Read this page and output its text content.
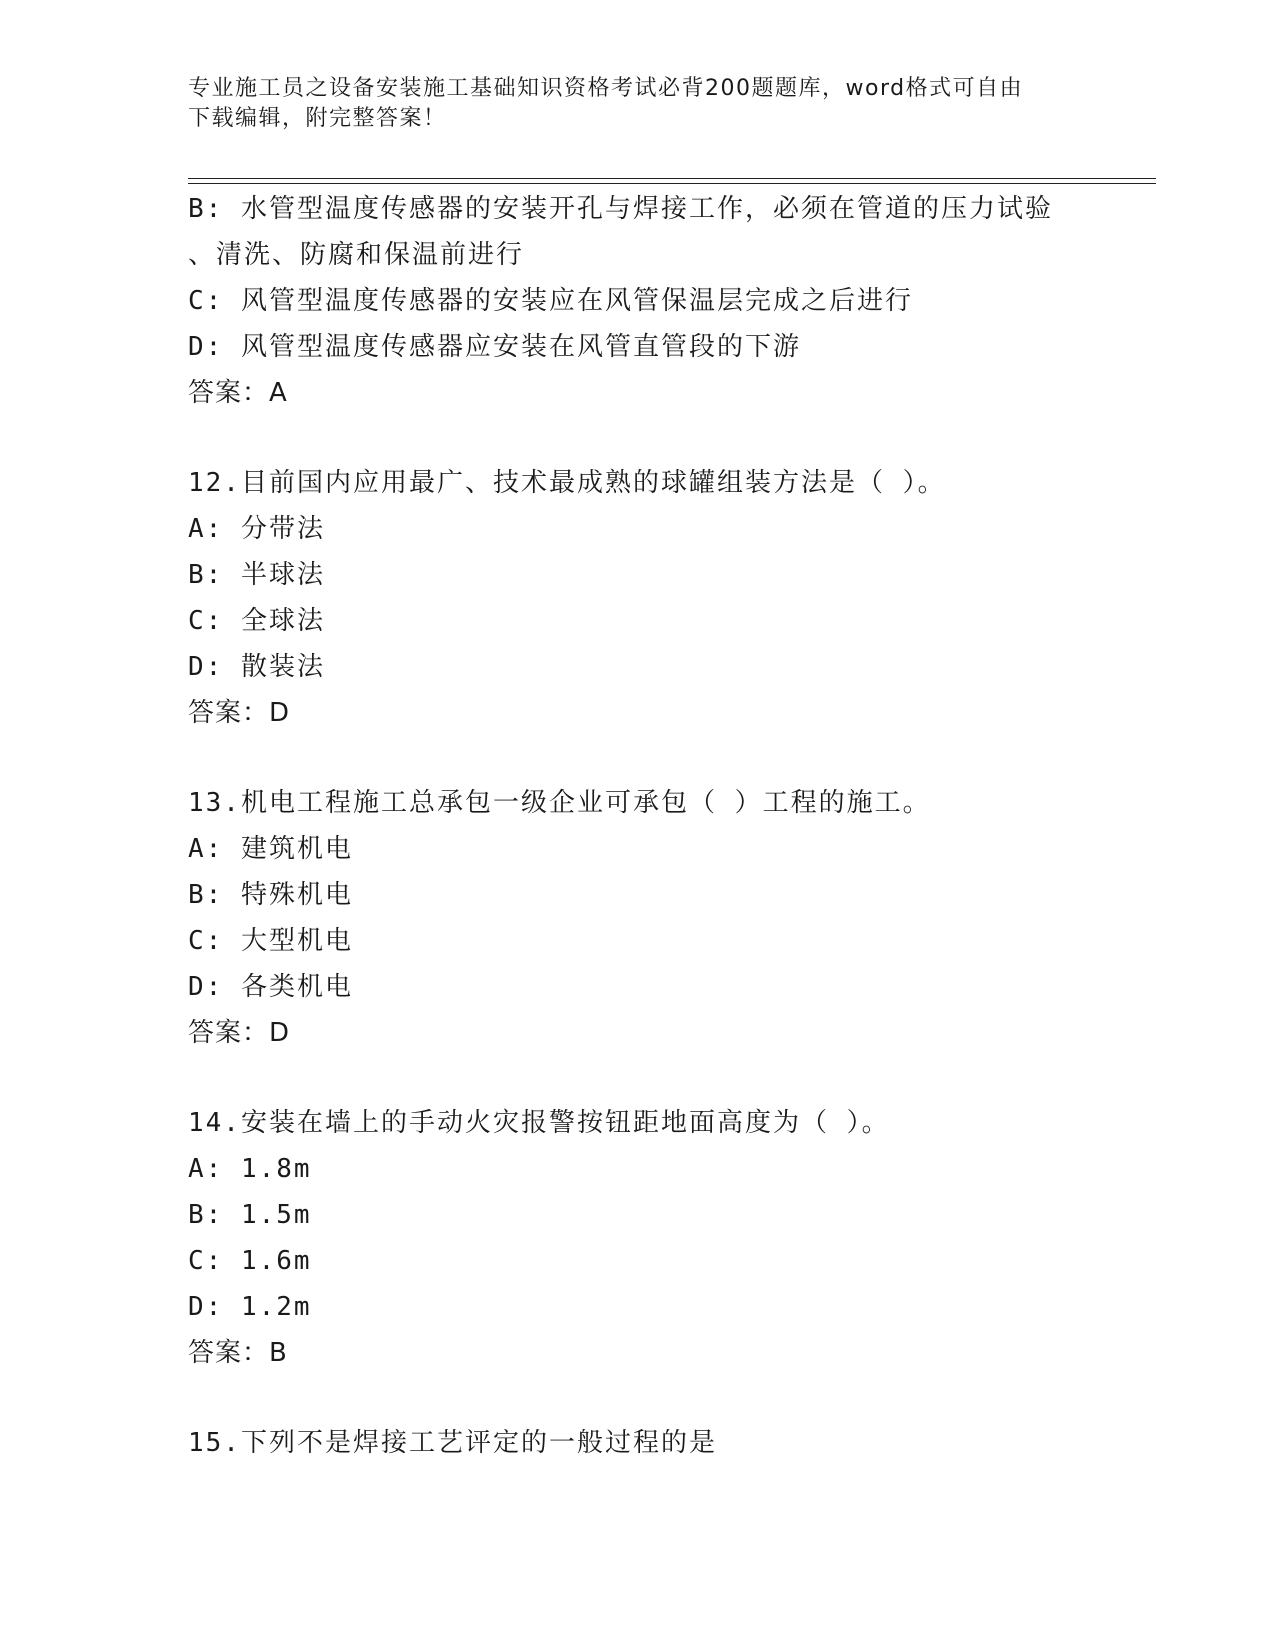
专业施工员之设备安装施工基础知识资格考试必背200题题库，word格式可自由
下载编辑，附完整答案！
B: 水管型温度传感器的安装开孔与焊接工作，必须在管道的压力试验
、清洗、防腐和保温前进行
C: 风管型温度传感器的安装应在风管保温层完成之后进行
D: 风管型温度传感器应安装在风管直管段的下游
答案：A
12.目前国内应用最广、技术最成熟的球罐组装方法是（ ）。
A: 分带法
B: 半球法
C: 全球法
D: 散装法
答案：D
13.机电工程施工总承包一级企业可承包（ ）工程的施工。
A: 建筑机电
B: 特殊机电
C: 大型机电
D: 各类机电
答案：D
14.安装在墙上的手动火灾报警按钮距地面高度为（ ）。
A: 1.8m
B: 1.5m
C: 1.6m
D: 1.2m
答案：B
15.下列不是焊接工艺评定的一般过程的是
